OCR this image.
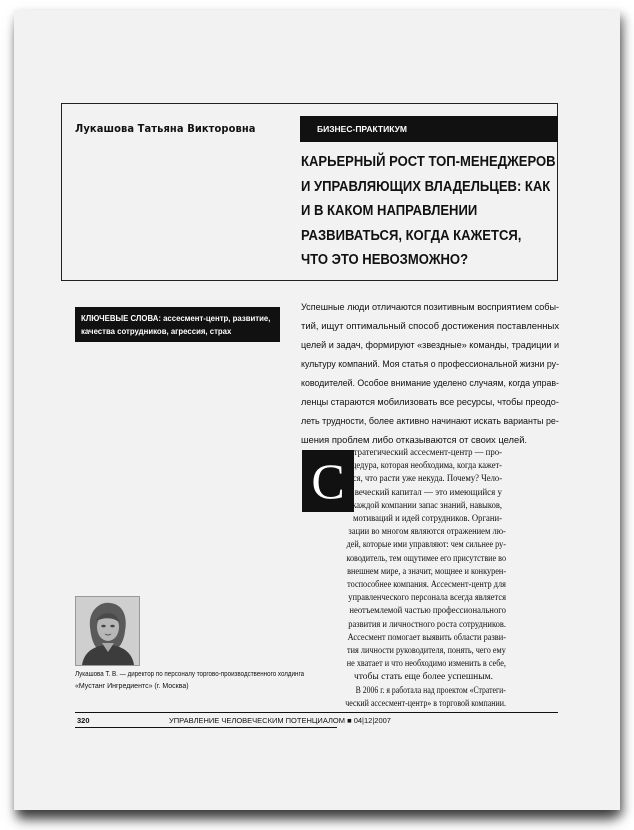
Лукашова Татьяна Викторовна	БИЗНЕС-ПРАКТИКУМ
КАРЬЕРНЫЙ РОСТ ТОП-МЕНЕДЖЕРОВ
И УПРАВЛЯЮЩИХ ВЛАДЕЛЬЦЕВ: КАК
И В КАКОМ НАПРАВЛЕНИИ
РАЗВИВАТЬСЯ, КОГДА КАЖЕТСЯ,
ЧТО ЭТО НЕВОЗМОЖНО?
КЛЮЧЕВЫЕ СЛОВА: ассесмент-центр, развитие,
качества сотрудников, агрессия, страх

Успешные люди отличаются позитивным восприятием собы-
тий, ищут оптимальный способ достижения поставленных
целей и задач, формируют «звездные» команды, традиции и
культуру компаний. Моя статья о профессиональной жизни ру-
ководителей. Особое внимание уделено случаям, когда управ-
ленцы стараются мобилизовать все ресурсы, чтобы преодо-
леть трудности, более активно начинают искать варианты ре-
шения проблем либо отказываются от своих целей.

С тратегический ассесмент-центр — про-
цедура, которая необходима, когда кажет-
ся, что расти уже некуда. Почему? Чело-
веческий капитал — это имеющийся у
каждой компании запас знаний, навыков,
мотиваций и идей сотрудников. Органи-
зации во многом являются отражением лю-
дей, которые ими управляют: чем сильнее ру-
ководитель, тем ощутимее его присутствие во
внешнем мире, а значит, мощнее и конкурен-
тоспособнее компания. Ассесмент-центр для
управленческого персонала всегда является
неотъемлемой частью профессионального
развития и личностного роста сотрудников.
Ассесмент помогает выявить области разви-
тия личности руководителя, понять, чего ему
не хватает и что необходимо изменить в себе,
чтобы стать еще более успешным.
В 2006 г. я работала над проектом «Стратеги-
ческий ассесмент-центр» в торговой компании.
Лукашова Т. В. — директор по персоналу торгово-производственного холдинга
«Мустанг Ингредиентс» (г. Москва)
320	УПРАВЛЕНИЕ ЧЕЛОВЕЧЕСКИМ ПОТЕНЦИАЛОМ ■ 04|12|2007
